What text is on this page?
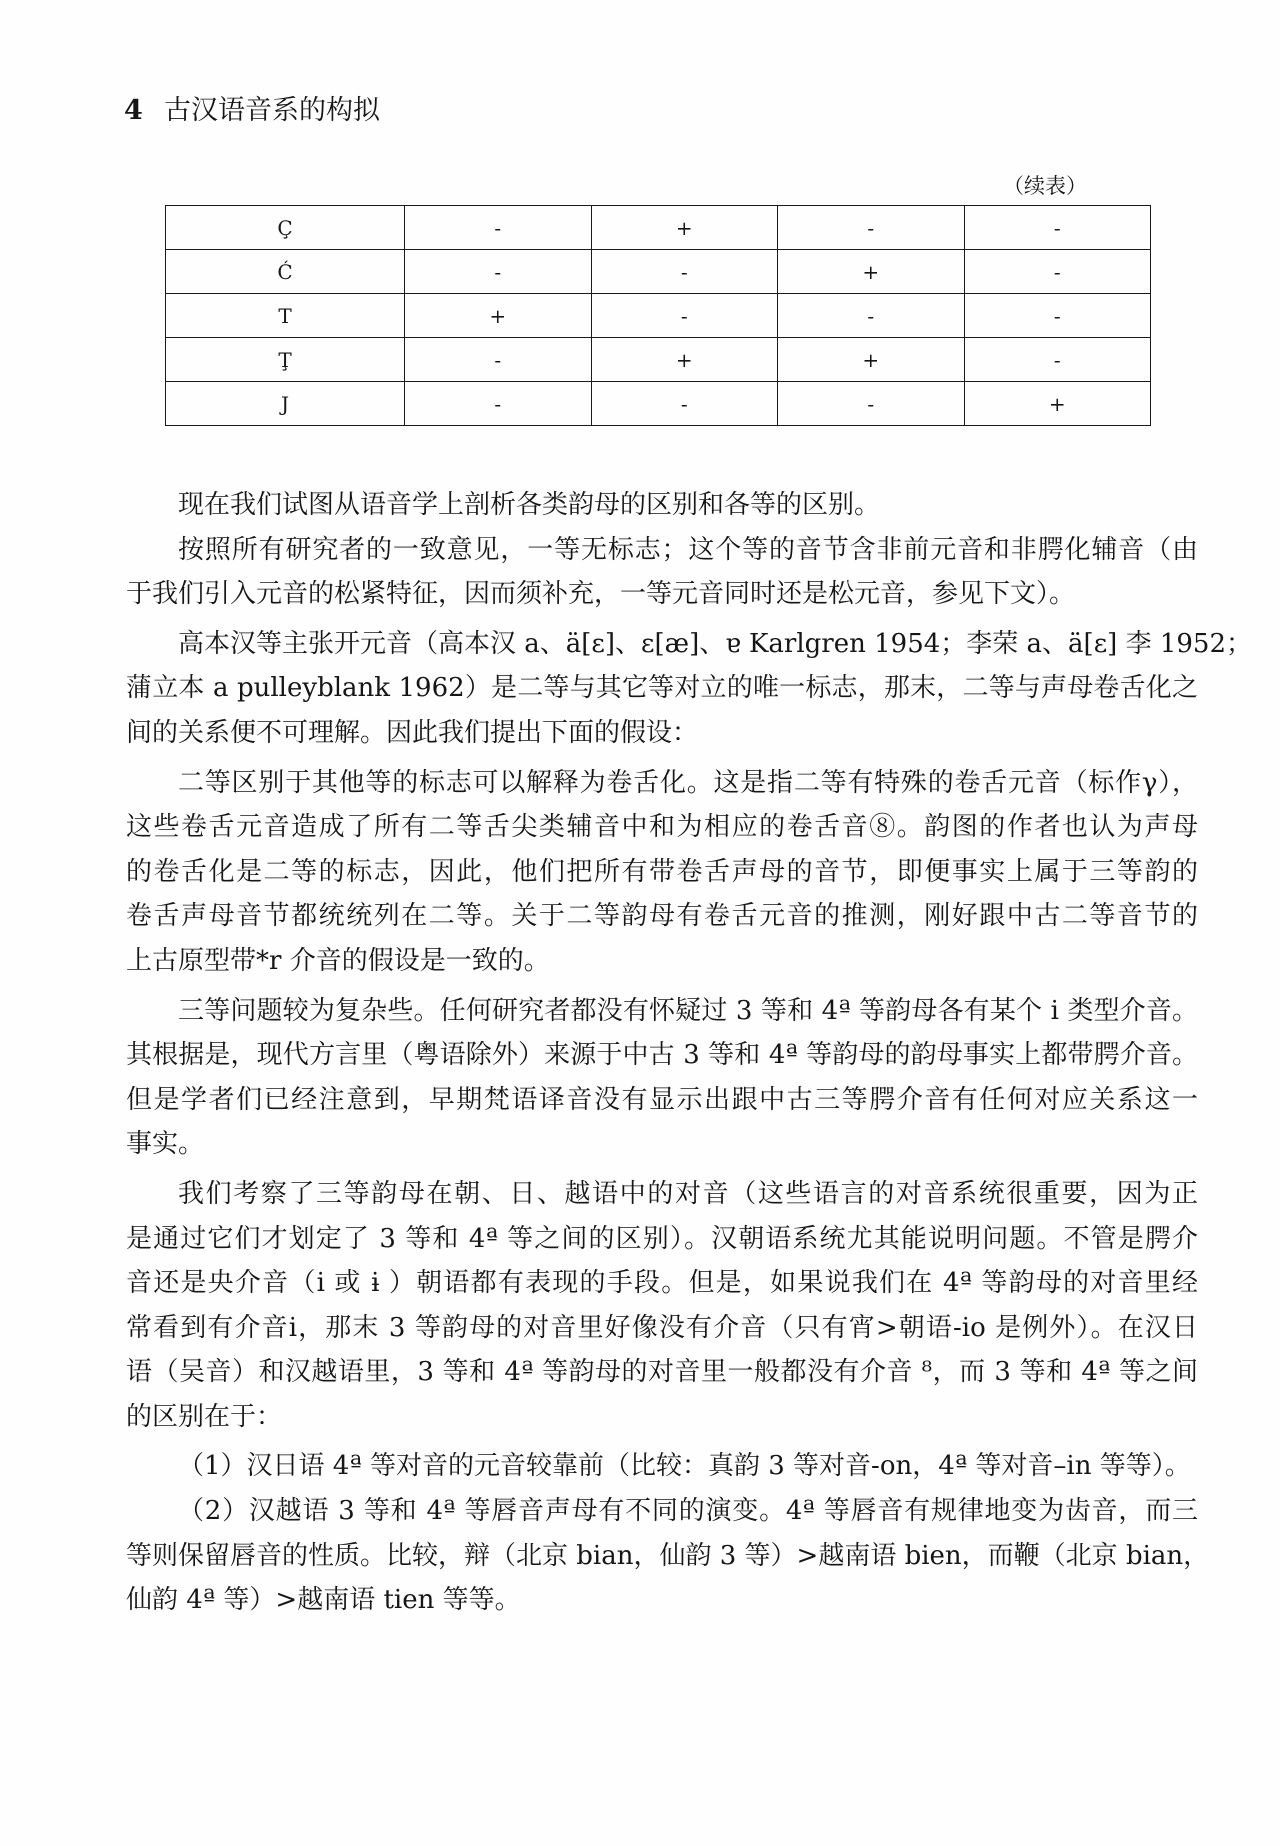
4 古汉语音系的构拟
（续表）
Ç	-	+	-	-
Ć	-	-	+	-
T	+	-	-	-
Ţ	-	+	+	-
J	-	-	-	+
现在我们试图从语音学上剖析各类韵母的区别和各等的区别。
按照所有研究者的一致意见，一等无标志；这个等的音节含非前元音和非腭化辅音（由
于我们引入元音的松紧特征，因而须补充，一等元音同时还是松元音，参见下文）。
高本汉等主张开元音（高本汉 a、ä[ɛ]、ɛ[æ]、ɐ Karlgren 1954；李荣 a、ä[ɛ] 李 1952；
蒲立本 a pulleyblank 1962）是二等与其它等对立的唯一标志，那末，二等与声母卷舌化之
间的关系便不可理解。因此我们提出下面的假设：
二等区别于其他等的标志可以解释为卷舌化。这是指二等有特殊的卷舌元音（标作γ），
这些卷舌元音造成了所有二等舌尖类辅音中和为相应的卷舌音⑧。韵图的作者也认为声母
的卷舌化是二等的标志，因此，他们把所有带卷舌声母的音节，即便事实上属于三等韵的
卷舌声母音节都统统列在二等。关于二等韵母有卷舌元音的推测，刚好跟中古二等音节的
上古原型带*r 介音的假设是一致的。
三等问题较为复杂些。任何研究者都没有怀疑过 3 等和 4ª 等韵母各有某个 i 类型介音。
其根据是，现代方言里（粤语除外）来源于中古 3 等和 4ª 等韵母的韵母事实上都带腭介音。
但是学者们已经注意到，早期梵语译音没有显示出跟中古三等腭介音有任何对应关系这一
事实。
我们考察了三等韵母在朝、日、越语中的对音（这些语言的对音系统很重要，因为正
是通过它们才划定了 3 等和 4ª 等之间的区别）。汉朝语系统尤其能说明问题。不管是腭介
音还是央介音（i 或 ɨ ）朝语都有表现的手段。但是，如果说我们在 4ª 等韵母的对音里经
常看到有介音i，那末 3 等韵母的对音里好像没有介音（只有宵>朝语-io 是例外）。在汉日
语（吴音）和汉越语里，3 等和 4ª 等韵母的对音里一般都没有介音 ⁸，而 3 等和 4ª 等之间
的区别在于：
（1）汉日语 4ª 等对音的元音较靠前（比较：真韵 3 等对音-on，4ª 等对音–in 等等）。
（2）汉越语 3 等和 4ª 等唇音声母有不同的演变。4ª 等唇音有规律地变为齿音，而三
等则保留唇音的性质。比较，辩（北京 bian，仙韵 3 等）>越南语 bien，而鞭（北京 bian，
仙韵 4ª 等）>越南语 tien 等等。
